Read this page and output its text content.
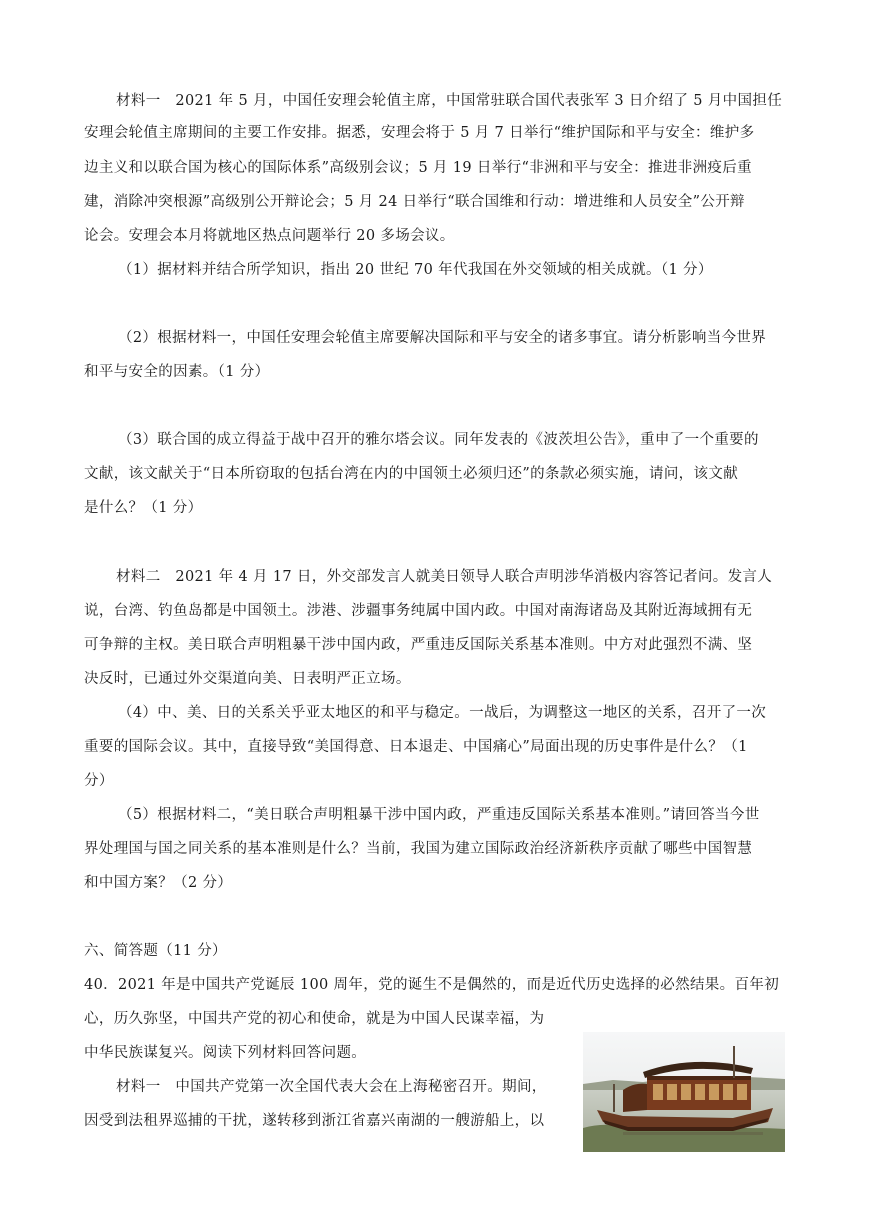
材料一　2021 年 5 月，中国任安理会轮值主席，中国常驻联合国代表张军 3 日介绍了 5 月中国担任
安理会轮值主席期间的主要工作安排。据悉，安理会将于 5 月 7 日举行“维护国际和平与安全：维护多
边主义和以联合国为核心的国际体系”高级别会议；5 月 19 日举行“非洲和平与安全：推进非洲疫后重
建，消除冲突根源”高级别公开辩论会；5 月 24 日举行“联合国维和行动：增进维和人员安全”公开辩
论会。安理会本月将就地区热点问题举行 20 多场会议。
（1）据材料并结合所学知识，指出 20 世纪 70 年代我国在外交领域的相关成就。（1 分）
（2）根据材料一，中国任安理会轮值主席要解决国际和平与安全的诸多事宜。请分析影响当今世界
和平与安全的因素。（1 分）
（3）联合国的成立得益于战中召开的雅尔塔会议。同年发表的《波茨坦公告》，重申了一个重要的
文献，该文献关于“日本所窃取的包括台湾在内的中国领土必须归还”的条款必须实施，请问，该文献
是什么？（1 分）
材料二　2021 年 4 月 17 日，外交部发言人就美日领导人联合声明涉华消极内容答记者问。发言人
说，台湾、钓鱼岛都是中国领土。涉港、涉疆事务纯属中国内政。中国对南海诸岛及其附近海域拥有无
可争辩的主权。美日联合声明粗暴干涉中国内政，严重违反国际关系基本准则。中方对此强烈不满、坚
决反时，已通过外交渠道向美、日表明严正立场。
（4）中、美、日的关系关乎亚太地区的和平与稳定。一战后，为调整这一地区的关系，召开了一次
重要的国际会议。其中，直接导致“美国得意、日本退走、中国痛心”局面出现的历史事件是什么？（1
分）
（5）根据材料二，“美日联合声明粗暴干涉中国内政，严重违反国际关系基本准则。”请回答当今世
界处理国与国之同关系的基本准则是什么？当前，我国为建立国际政治经济新秩序贡献了哪些中国智慧
和中国方案？（2 分）
六、简答题（11 分）
40．2021 年是中国共产党诞辰 100 周年，党的诞生不是偶然的，而是近代历史选择的必然结果。百年初
心，历久弥坚，中国共产党的初心和使命，就是为中国人民谋幸福，为
中华民族谋复兴。阅读下列材料回答问题。
材料一　中国共产党第一次全国代表大会在上海秘密召开。期间，
因受到法租界巡捕的干扰，遂转移到浙江省嘉兴南湖的一艘游船上，以
